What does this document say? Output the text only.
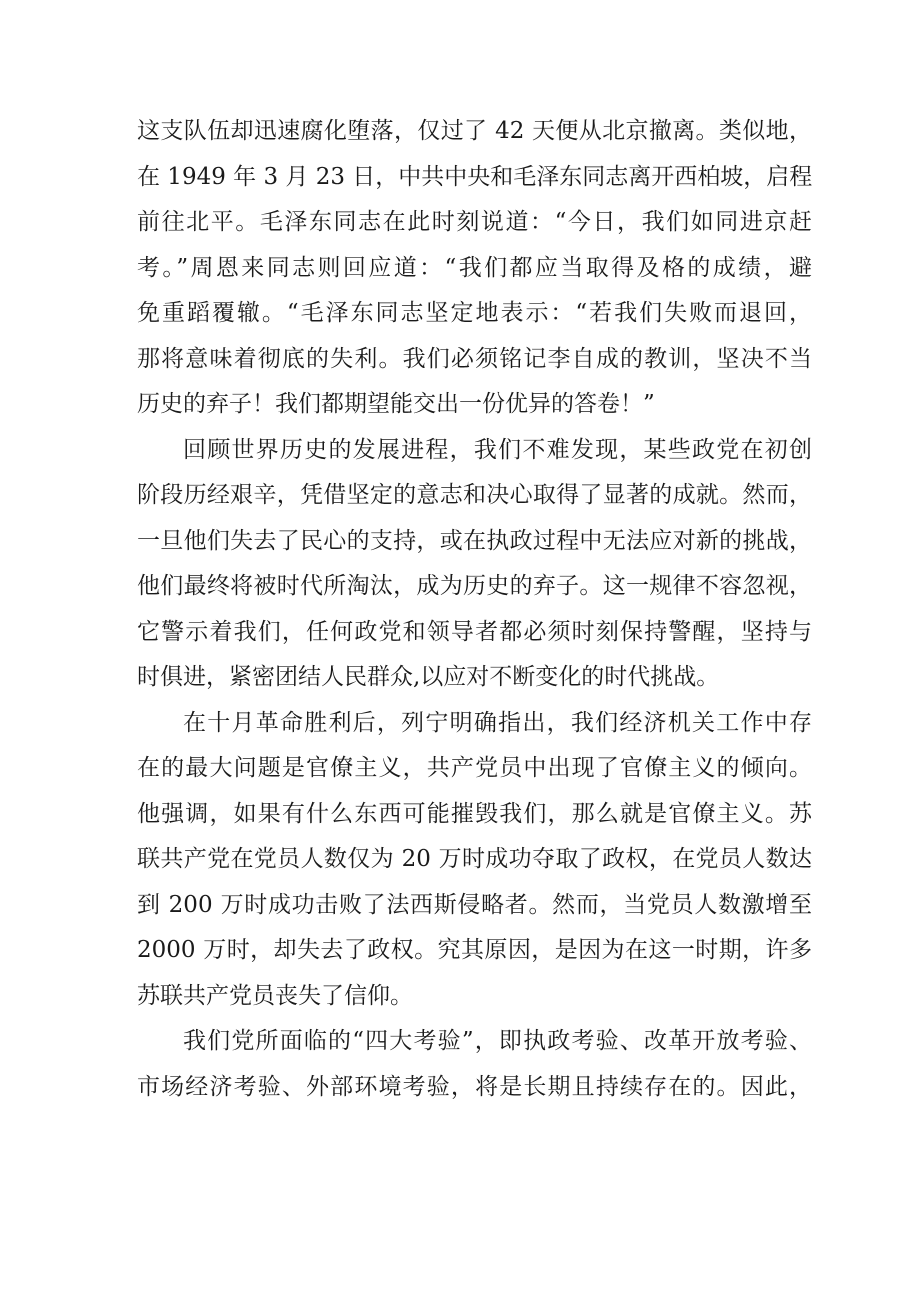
这支队伍却迅速腐化堕落，仅过了 42 天便从北京撤离。类似地，
在 1949 年 3 月 23 日，中共中央和毛泽东同志离开西柏坡，启程
前往北平。毛泽东同志在此时刻说道：“今日，我们如同进京赶
考。”周恩来同志则回应道：“我们都应当取得及格的成绩，避
免重蹈覆辙。“毛泽东同志坚定地表示：“若我们失败而退回，
那将意味着彻底的失利。我们必须铭记李自成的教训，坚决不当
历史的弃子！我们都期望能交出一份优异的答卷！”
回顾世界历史的发展进程，我们不难发现，某些政党在初创
阶段历经艰辛，凭借坚定的意志和决心取得了显著的成就。然而，
一旦他们失去了民心的支持，或在执政过程中无法应对新的挑战，
他们最终将被时代所淘汰，成为历史的弃子。这一规律不容忽视，
它警示着我们，任何政党和领导者都必须时刻保持警醒，坚持与
时俱进，紧密团结人民群众,以应对不断变化的时代挑战。
在十月革命胜利后，列宁明确指出，我们经济机关工作中存
在的最大问题是官僚主义，共产党员中出现了官僚主义的倾向。
他强调，如果有什么东西可能摧毁我们，那么就是官僚主义。苏
联共产党在党员人数仅为 20 万时成功夺取了政权，在党员人数达
到 200 万时成功击败了法西斯侵略者。然而，当党员人数激增至
2000 万时，却失去了政权。究其原因，是因为在这一时期，许多
苏联共产党员丧失了信仰。
我们党所面临的“四大考验”，即执政考验、改革开放考验、
市场经济考验、外部环境考验，将是长期且持续存在的。因此，
